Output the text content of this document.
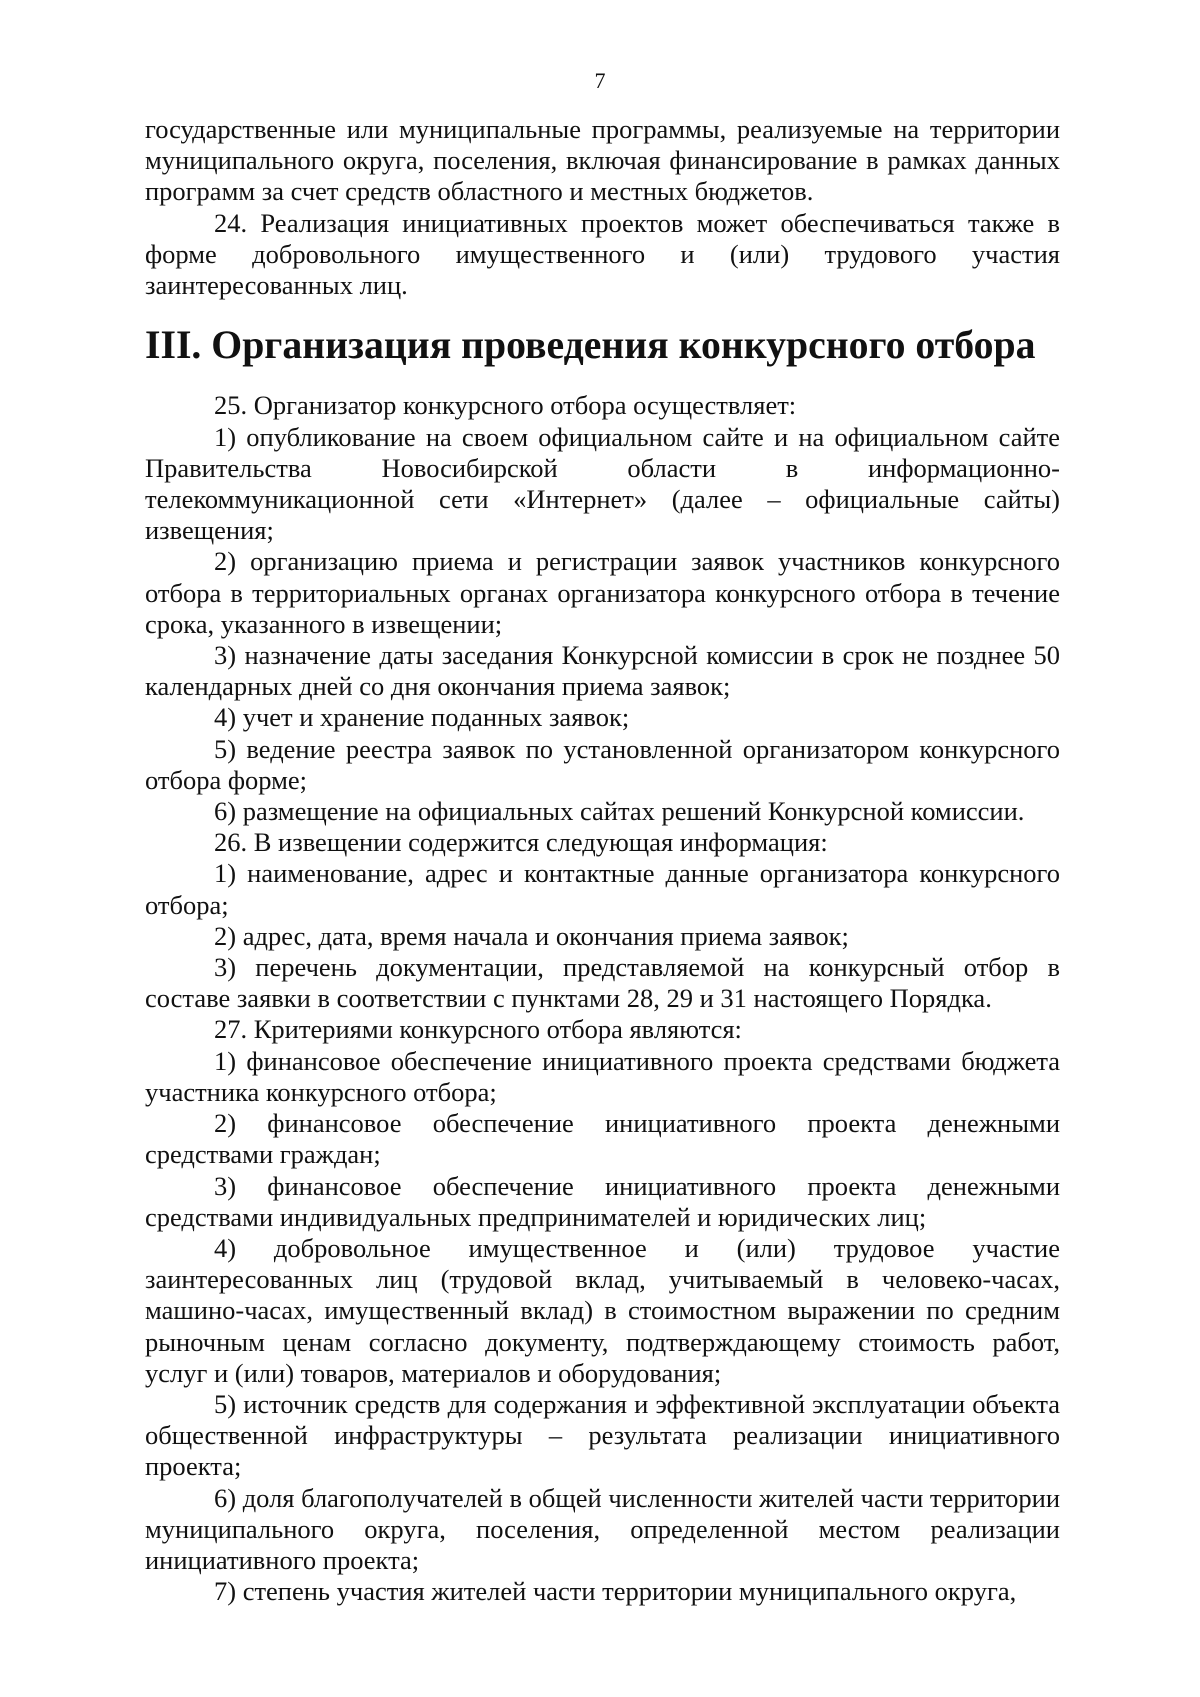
7

государственные или муниципальные программы, реализуемые на территории муниципального округа, поселения, включая финансирование в рамках данных программ за счет средств областного и местных бюджетов.

24. Реализация инициативных проектов может обеспечиваться также в форме добровольного имущественного и (или) трудового участия заинтересованных лиц.

III. Организация проведения конкурсного отбора

25. Организатор конкурсного отбора осуществляет:

1) опубликование на своем официальном сайте и на официальном сайте Правительства Новосибирской области в информационно-телекоммуникационной сети «Интернет» (далее – официальные сайты) извещения;

2) организацию приема и регистрации заявок участников конкурсного отбора в территориальных органах организатора конкурсного отбора в течение срока, указанного в извещении;

3) назначение даты заседания Конкурсной комиссии в срок не позднее 50 календарных дней со дня окончания приема заявок;

4) учет и хранение поданных заявок;

5) ведение реестра заявок по установленной организатором конкурсного отбора форме;

6) размещение на официальных сайтах решений Конкурсной комиссии.

26. В извещении содержится следующая информация:

1) наименование, адрес и контактные данные организатора конкурсного отбора;

2) адрес, дата, время начала и окончания приема заявок;

3) перечень документации, представляемой на конкурсный отбор в составе заявки в соответствии с пунктами 28, 29 и 31 настоящего Порядка.

27. Критериями конкурсного отбора являются:

1) финансовое обеспечение инициативного проекта средствами бюджета участника конкурсного отбора;

2) финансовое обеспечение инициативного проекта денежными средствами граждан;

3) финансовое обеспечение инициативного проекта денежными средствами индивидуальных предпринимателей и юридических лиц;

4) добровольное имущественное и (или) трудовое участие заинтересованных лиц (трудовой вклад, учитываемый в человеко-часах, машино-часах, имущественный вклад) в стоимостном выражении по средним рыночным ценам согласно документу, подтверждающему стоимость работ, услуг и (или) товаров, материалов и оборудования;

5) источник средств для содержания и эффективной эксплуатации объекта общественной инфраструктуры – результата реализации инициативного проекта;

6) доля благополучателей в общей численности жителей части территории муниципального округа, поселения, определенной местом реализации инициативного проекта;

7) степень участия жителей части территории муниципального округа,
